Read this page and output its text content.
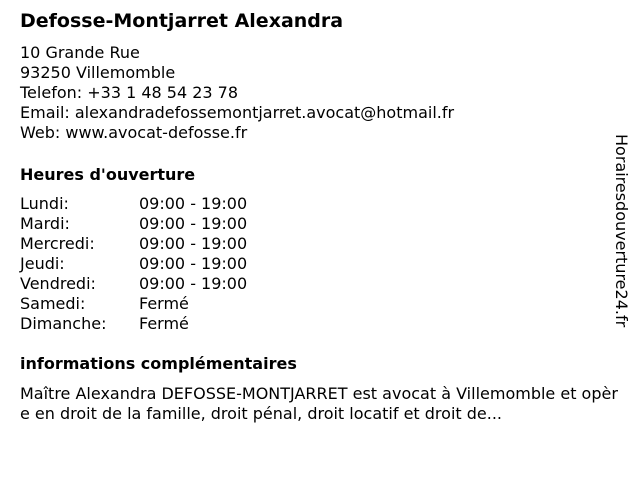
Defosse-Montjarret Alexandra
10 Grande Rue
93250 Villemomble
Telefon: +33 1 48 54 23 78
Email: alexandradefossemontjarret.avocat@hotmail.fr
Web: www.avocat-defosse.fr
Heures d'ouverture
Lundi:	09:00 - 19:00
Mardi:	09:00 - 19:00
Mercredi:	09:00 - 19:00
Jeudi:	09:00 - 19:00
Vendredi:	09:00 - 19:00
Samedi:	Fermé
Dimanche: Fermé
informations complémentaires
Maître Alexandra DEFOSSE-MONTJARRET est avocat à Villemomble et opère en droit de la famille, droit pénal, droit locatif et droit de...
Horairesdouverture24.fr
